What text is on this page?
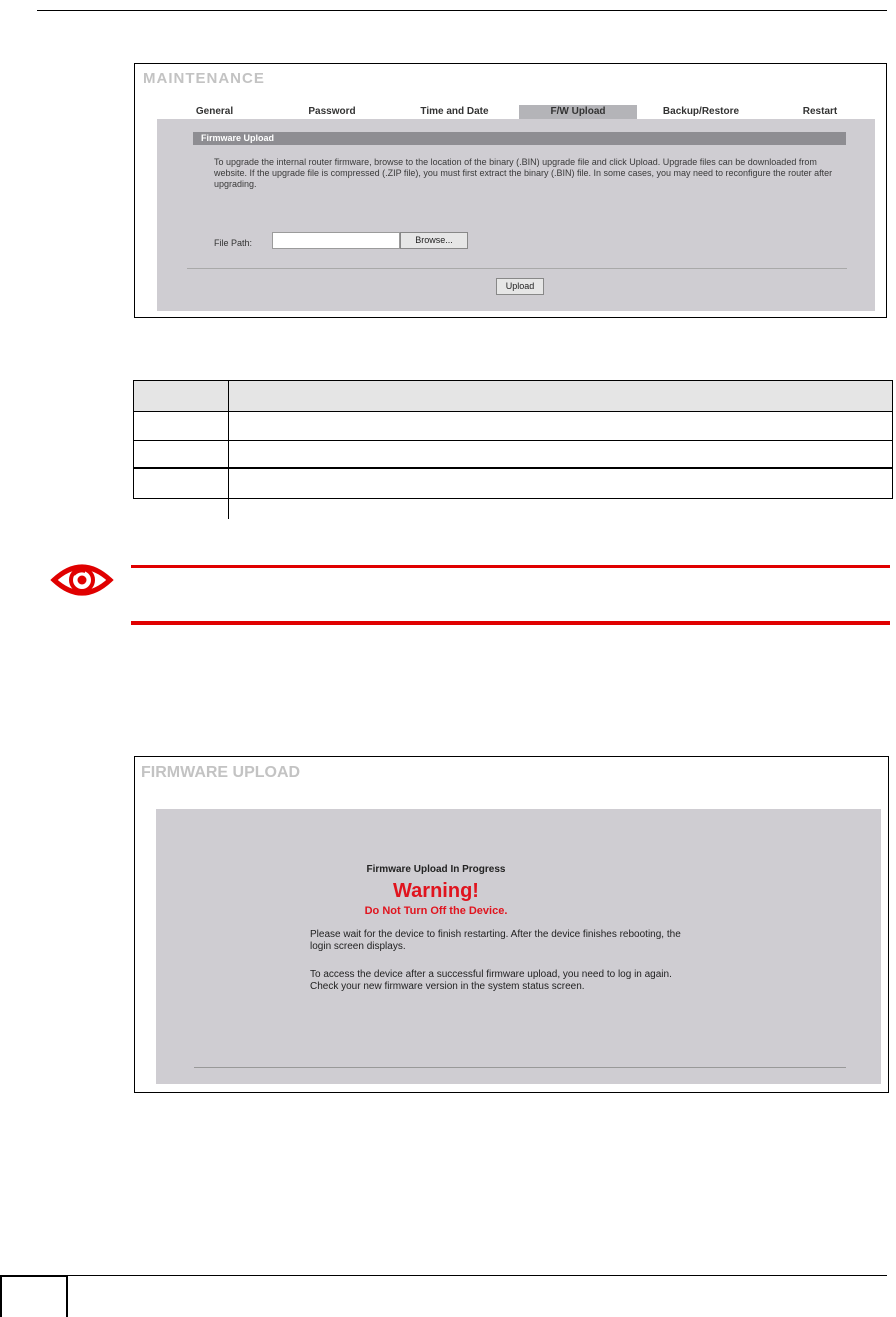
MAINTENANCE
General	Password	Time and Date	F/W Upload	Backup/Restore	Restart
Firmware Upload
To upgrade the internal router firmware, browse to the location of the binary (.BIN) upgrade file and click Upload. Upgrade files can be downloaded from website. If the upgrade file is compressed (.ZIP file), you must first extract the binary (.BIN) file. In some cases, you may need to reconfigure the router after upgrading.
File Path:	Browse...
Upload
FIRMWARE UPLOAD
Firmware Upload In Progress
Warning!
Do Not Turn Off the Device.
Please wait for the device to finish restarting. After the device finishes rebooting, the login screen displays.
To access the device after a successful firmware upload, you need to log in again. Check your new firmware version in the system status screen.
